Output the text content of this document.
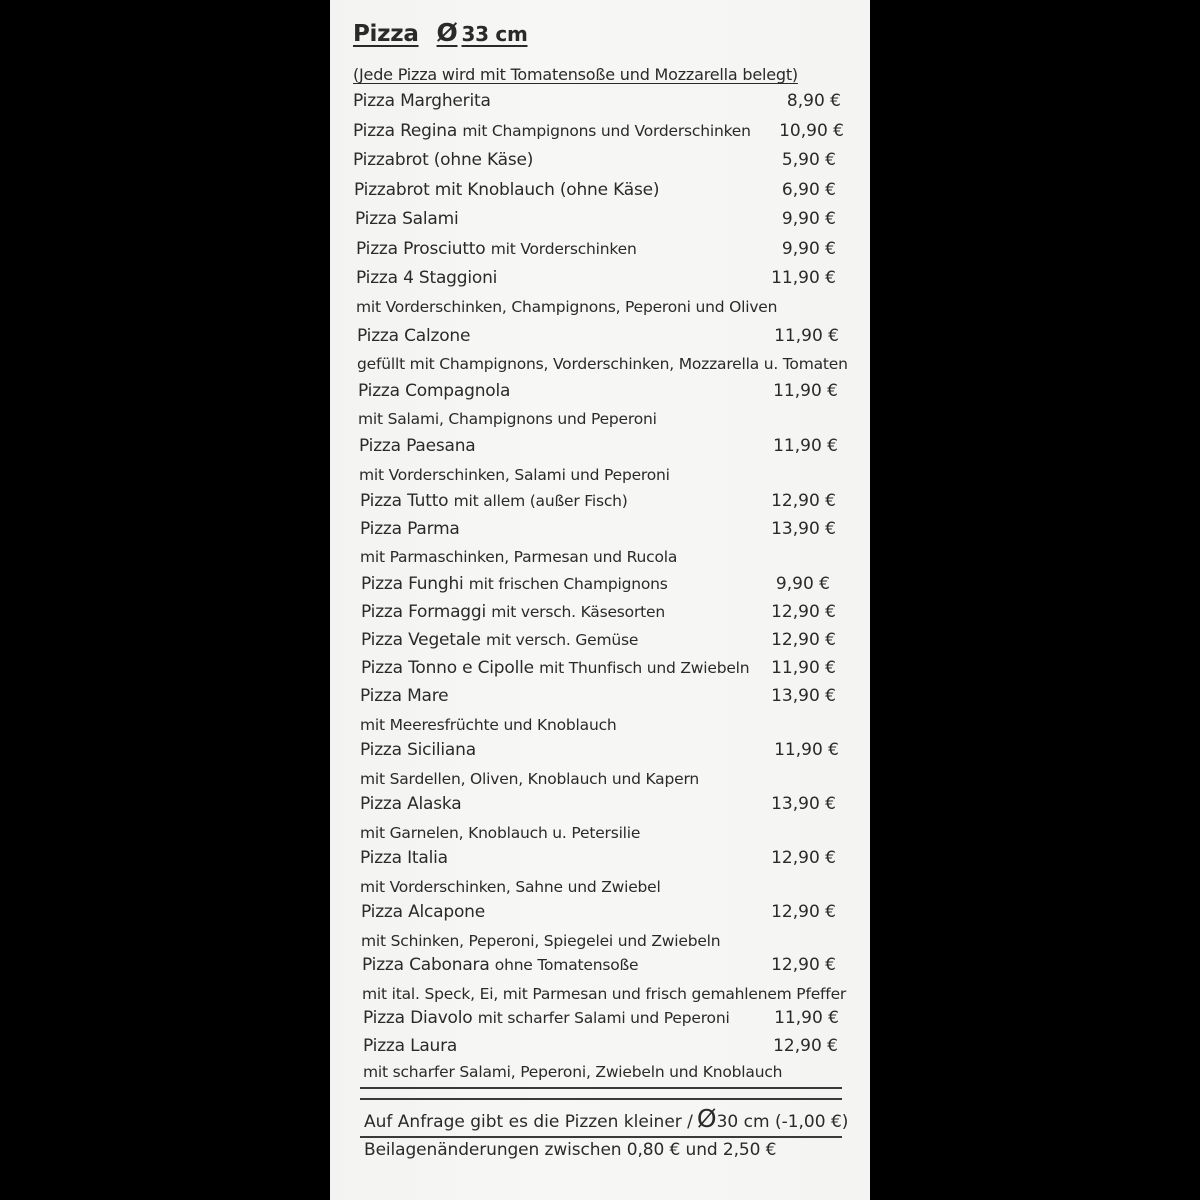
Pizza Ø 33 cm
(Jede Pizza wird mit Tomatensoße und Mozzarella belegt)
Pizza Margherita	8,90 €
Pizza Regina mit Champignons und Vorderschinken	10,90 €
Pizzabrot (ohne Käse)	5,90 €
Pizzabrot mit Knoblauch (ohne Käse)	6,90 €
Pizza Salami	9,90 €
Pizza Prosciutto mit Vorderschinken	9,90 €
Pizza 4 Staggioni	11,90 €
mit Vorderschinken, Champignons, Peperoni und Oliven
Pizza Calzone	11,90 €
gefüllt mit Champignons, Vorderschinken, Mozzarella u. Tomaten
Pizza Compagnola	11,90 €
mit Salami, Champignons und Peperoni
Pizza Paesana	11,90 €
mit Vorderschinken, Salami und Peperoni
Pizza Tutto mit allem (außer Fisch)	12,90 €
Pizza Parma	13,90 €
mit Parmaschinken, Parmesan und Rucola
Pizza Funghi mit frischen Champignons	9,90 €
Pizza Formaggi mit versch. Käsesorten	12,90 €
Pizza Vegetale mit versch. Gemüse	12,90 €
Pizza Tonno e Cipolle mit Thunfisch und Zwiebeln	11,90 €
Pizza Mare	13,90 €
mit Meeresfrüchte und Knoblauch
Pizza Siciliana	11,90 €
mit Sardellen, Oliven, Knoblauch und Kapern
Pizza Alaska	13,90 €
mit Garnelen, Knoblauch u. Petersilie
Pizza Italia	12,90 €
mit Vorderschinken, Sahne und Zwiebel
Pizza Alcapone	12,90 €
mit Schinken, Peperoni, Spiegelei und Zwiebeln
Pizza Cabonara ohne Tomatensoße	12,90 €
mit ital. Speck, Ei, mit Parmesan und frisch gemahlenem Pfeffer
Pizza Diavolo mit scharfer Salami und Peperoni	11,90 €
Pizza Laura	12,90 €
mit scharfer Salami, Peperoni, Zwiebeln und Knoblauch
Auf Anfrage gibt es die Pizzen kleiner / Ø 30 cm (-1,00 €)
Beilagenänderungen zwischen 0,80 € und 2,50 €
